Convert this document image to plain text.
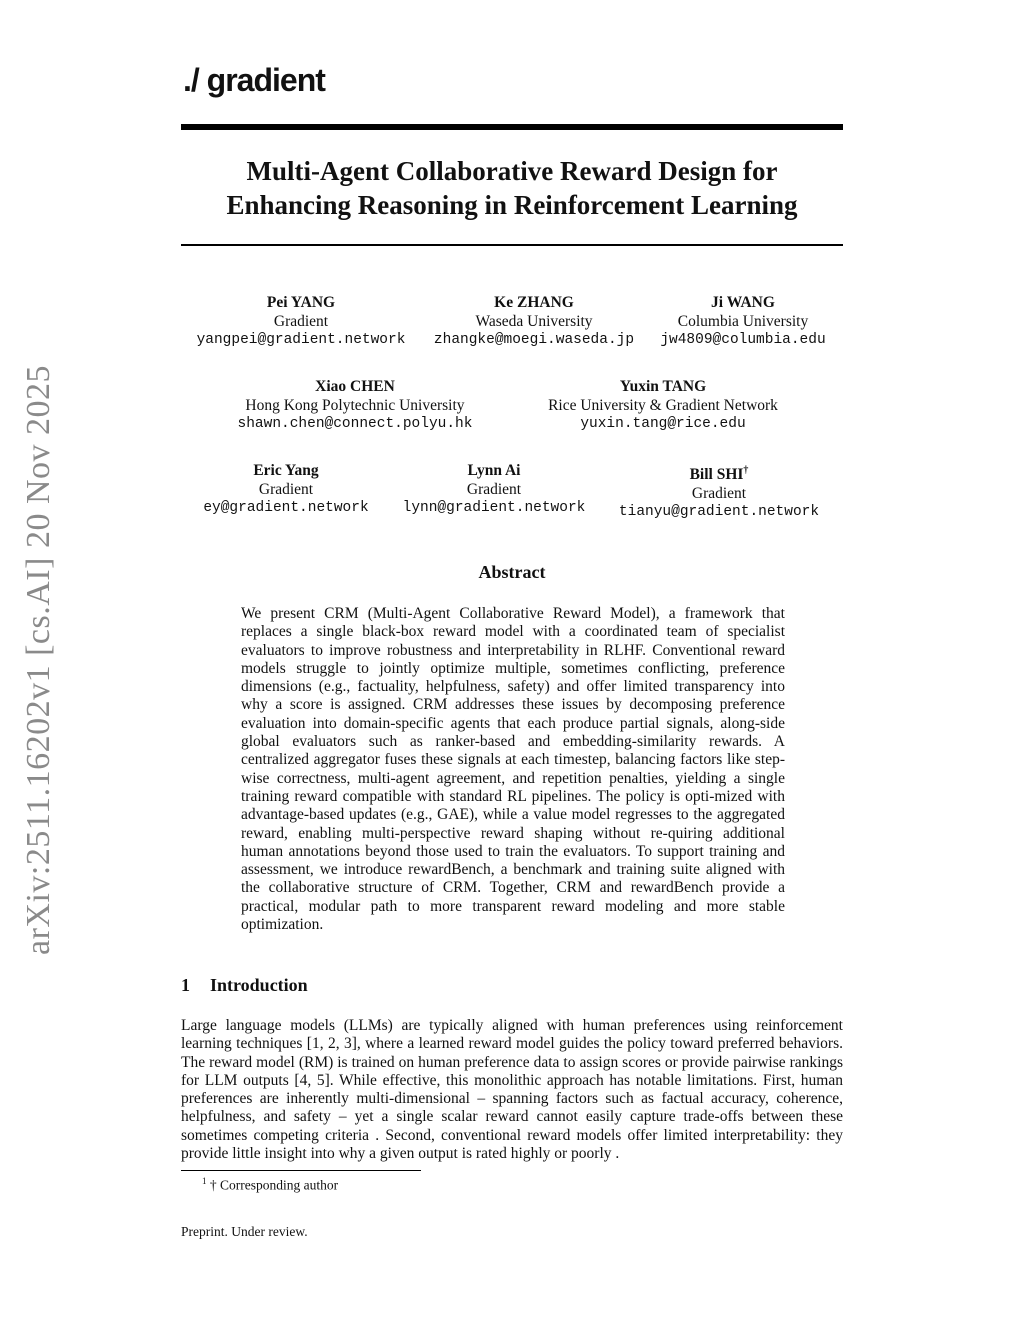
./ gradient
Multi-Agent Collaborative Reward Design for
Enhancing Reasoning in Reinforcement Learning
arXiv:2511.16202v1 [cs.AI] 20 Nov 2025
Pei YANG
Gradient
yangpei@gradient.network
Ke ZHANG
Waseda University
zhangke@moegi.waseda.jp
Ji WANG
Columbia University
jw4809@columbia.edu
Xiao CHEN
Hong Kong Polytechnic University
shawn.chen@connect.polyu.hk
Yuxin TANG
Rice University & Gradient Network
yuxin.tang@rice.edu
Eric Yang
Gradient
ey@gradient.network
Lynn Ai
Gradient
lynn@gradient.network
Bill SHI†
Gradient
tianyu@gradient.network
Abstract
We present CRM (Multi-Agent Collaborative Reward Model), a framework that replaces a single black-box reward model with a coordinated team of specialist evaluators to improve robustness and interpretability in RLHF. Conventional reward models struggle to jointly optimize multiple, sometimes conflicting, preference dimensions (e.g., factuality, helpfulness, safety) and offer limited transparency into why a score is assigned. CRM addresses these issues by decomposing preference evaluation into domain-specific agents that each produce partial signals, along-side global evaluators such as ranker-based and embedding-similarity rewards. A centralized aggregator fuses these signals at each timestep, balancing factors like step-wise correctness, multi-agent agreement, and repetition penalties, yielding a single training reward compatible with standard RL pipelines. The policy is opti-mized with advantage-based updates (e.g., GAE), while a value model regresses to the aggregated reward, enabling multi-perspective reward shaping without re-quiring additional human annotations beyond those used to train the evaluators. To support training and assessment, we introduce rewardBench, a benchmark and training suite aligned with the collaborative structure of CRM. Together, CRM and rewardBench provide a practical, modular path to more transparent reward modeling and more stable optimization.
1 Introduction
Large language models (LLMs) are typically aligned with human preferences using reinforcement learning techniques [1, 2, 3], where a learned reward model guides the policy toward preferred behaviors. The reward model (RM) is trained on human preference data to assign scores or provide pairwise rankings for LLM outputs [4, 5]. While effective, this monolithic approach has notable limitations. First, human preferences are inherently multi-dimensional – spanning factors such as factual accuracy, coherence, helpfulness, and safety – yet a single scalar reward cannot easily capture trade-offs between these sometimes competing criteria . Second, conventional reward models offer limited interpretability: they provide little insight into why a given output is rated highly or poorly .
$^1$ † Corresponding author
Preprint. Under review.
